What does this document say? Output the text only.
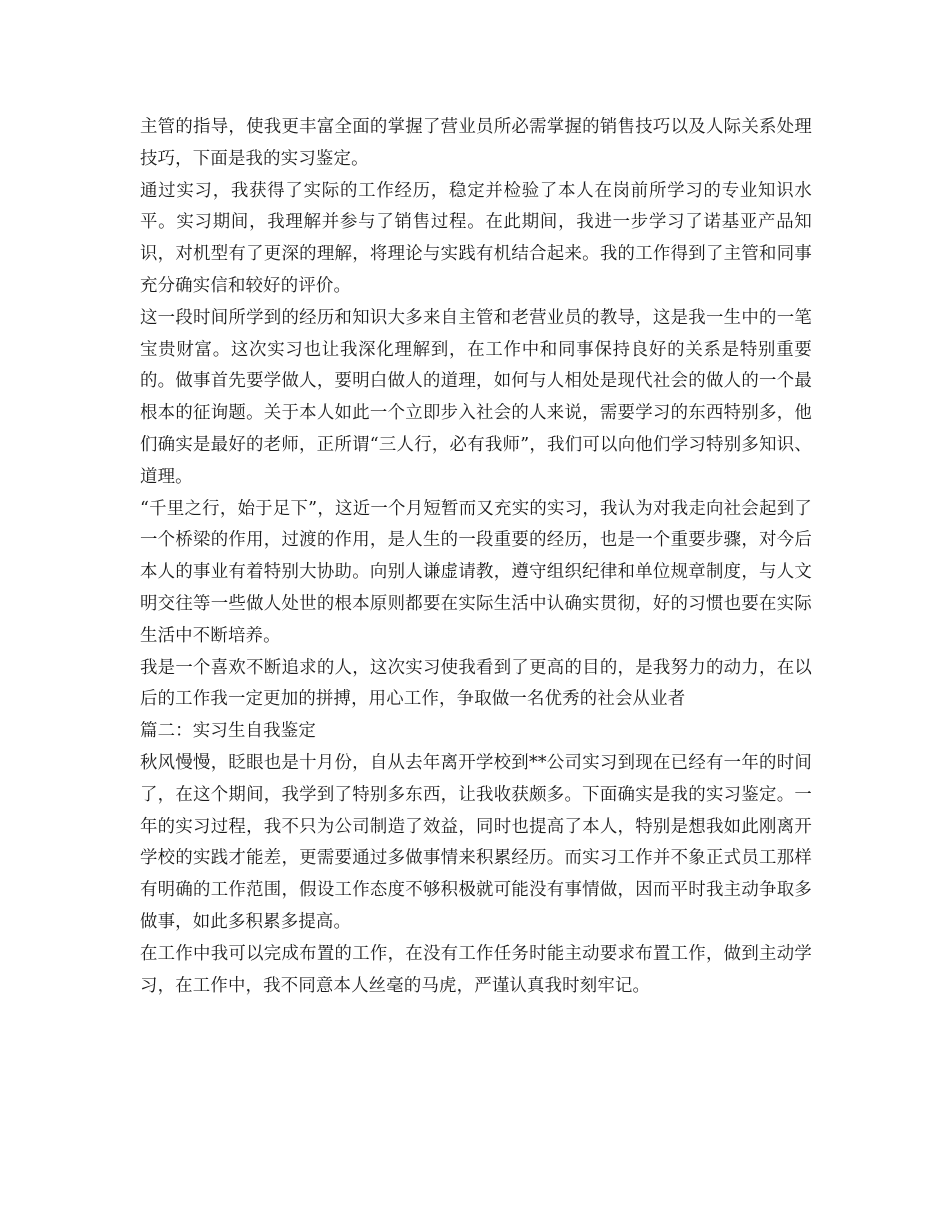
主管的指导，使我更丰富全面的掌握了营业员所必需掌握的销售技巧以及人际关系处理技巧，下面是我的实习鉴定。

通过实习，我获得了实际的工作经历，稳定并检验了本人在岗前所学习的专业知识水平。实习期间，我理解并参与了销售过程。在此期间，我进一步学习了诺基亚产品知识，对机型有了更深的理解，将理论与实践有机结合起来。我的工作得到了主管和同事充分确实信和较好的评价。

这一段时间所学到的经历和知识大多来自主管和老营业员的教导，这是我一生中的一笔宝贵财富。这次实习也让我深化理解到，在工作中和同事保持良好的关系是特别重要的。做事首先要学做人，要明白做人的道理，如何与人相处是现代社会的做人的一个最根本的征询题。关于本人如此一个立即步入社会的人来说，需要学习的东西特别多，他们确实是最好的老师，正所谓“三人行，必有我师”，我们可以向他们学习特别多知识、道理。

“千里之行，始于足下”，这近一个月短暂而又充实的实习，我认为对我走向社会起到了一个桥梁的作用，过渡的作用，是人生的一段重要的经历，也是一个重要步骤，对今后本人的事业有着特别大协助。向别人谦虚请教，遵守组织纪律和单位规章制度，与人文明交往等一些做人处世的根本原则都要在实际生活中认确实贯彻，好的习惯也要在实际生活中不断培养。

我是一个喜欢不断追求的人，这次实习使我看到了更高的目的，是我努力的动力，在以后的工作我一定更加的拼搏，用心工作，争取做一名优秀的社会从业者

篇二：实习生自我鉴定

秋风慢慢，眨眼也是十月份，自从去年离开学校到**公司实习到现在已经有一年的时间了，在这个期间，我学到了特别多东西，让我收获颇多。下面确实是我的实习鉴定。一年的实习过程，我不只为公司制造了效益，同时也提高了本人，特别是想我如此刚离开学校的实践才能差，更需要通过多做事情来积累经历。而实习工作并不象正式员工那样有明确的工作范围，假设工作态度不够积极就可能没有事情做，因而平时我主动争取多做事，如此多积累多提高。

在工作中我可以完成布置的工作，在没有工作任务时能主动要求布置工作，做到主动学习，在工作中，我不同意本人丝毫的马虎，严谨认真我时刻牢记。
